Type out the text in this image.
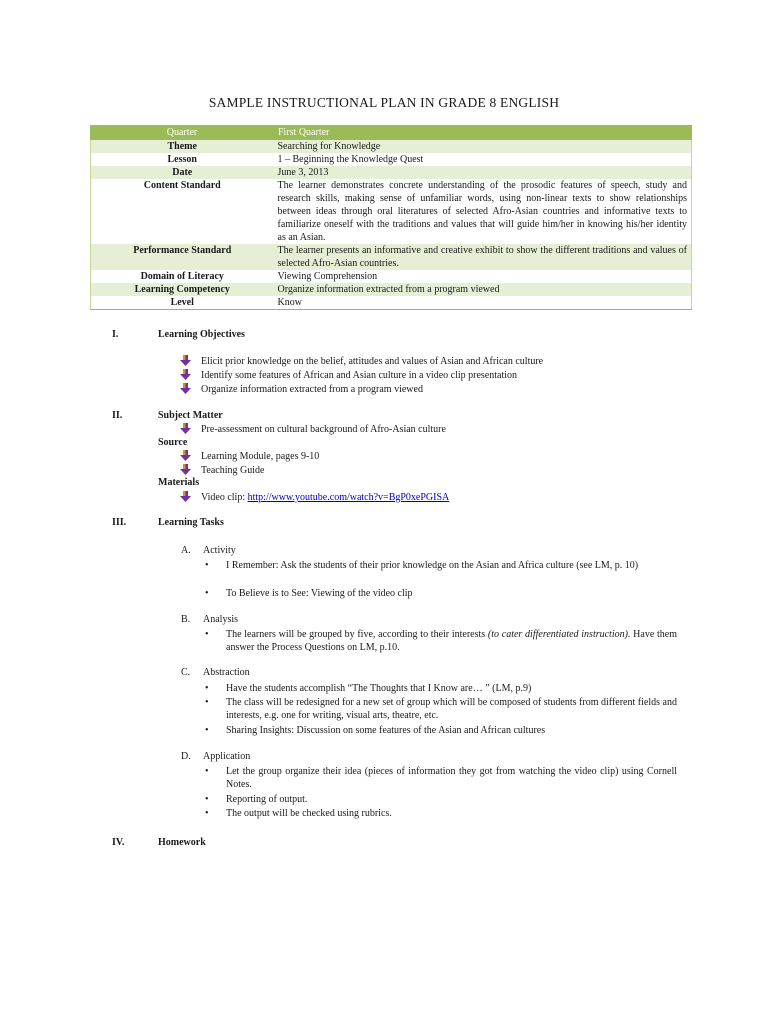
SAMPLE INSTRUCTIONAL PLAN IN GRADE 8 ENGLISH
Quarter	First Quarter
Theme	Searching for Knowledge
Lesson	1 – Beginning the Knowledge Quest
Date	June 3, 2013
Content Standard	The learner demonstrates concrete understanding of the prosodic features of speech, study and research skills, making sense of unfamiliar words, using non-linear texts to show relationships between ideas through oral literatures of selected Afro-Asian countries and informative texts to familiarize oneself with the traditions and values that will guide him/her in knowing his/her identity as an Asian.
Performance Standard	The learner presents an informative and creative exhibit to show the different traditions and values of selected Afro-Asian countries.
Domain of Literacy	Viewing Comprehension
Learning Competency	Organize information extracted from a program viewed
Level	Know
I.	Learning Objectives
Elicit prior knowledge on the belief, attitudes and values of Asian and African culture
Identify some features of African and Asian culture in a video clip presentation
Organize information extracted from a program viewed
II.	Subject Matter
Pre-assessment on cultural background of Afro-Asian culture
Source
Learning Module, pages 9-10
Teaching Guide
Materials
Video clip: http://www.youtube.com/watch?v=BgP0xePGISA
III.	Learning Tasks
A. Activity
• I Remember: Ask the students of their prior knowledge on the Asian and Africa culture (see LM, p. 10)
• To Believe is to See: Viewing of the video clip
B. Analysis
• The learners will be grouped by five, according to their interests (to cater differentiated instruction). Have them answer the Process Questions on LM, p.10.
C. Abstraction
• Have the students accomplish “The Thoughts that I Know are… ” (LM, p.9)
• The class will be redesigned for a new set of group which will be composed of students from different fields and interests, e.g. one for writing, visual arts, theatre, etc.
• Sharing Insights: Discussion on some features of the Asian and African cultures
D. Application
• Let the group organize their idea (pieces of information they got from watching the video clip) using Cornell Notes.
• Reporting of output.
• The output will be checked using rubrics.
IV.	Homework
